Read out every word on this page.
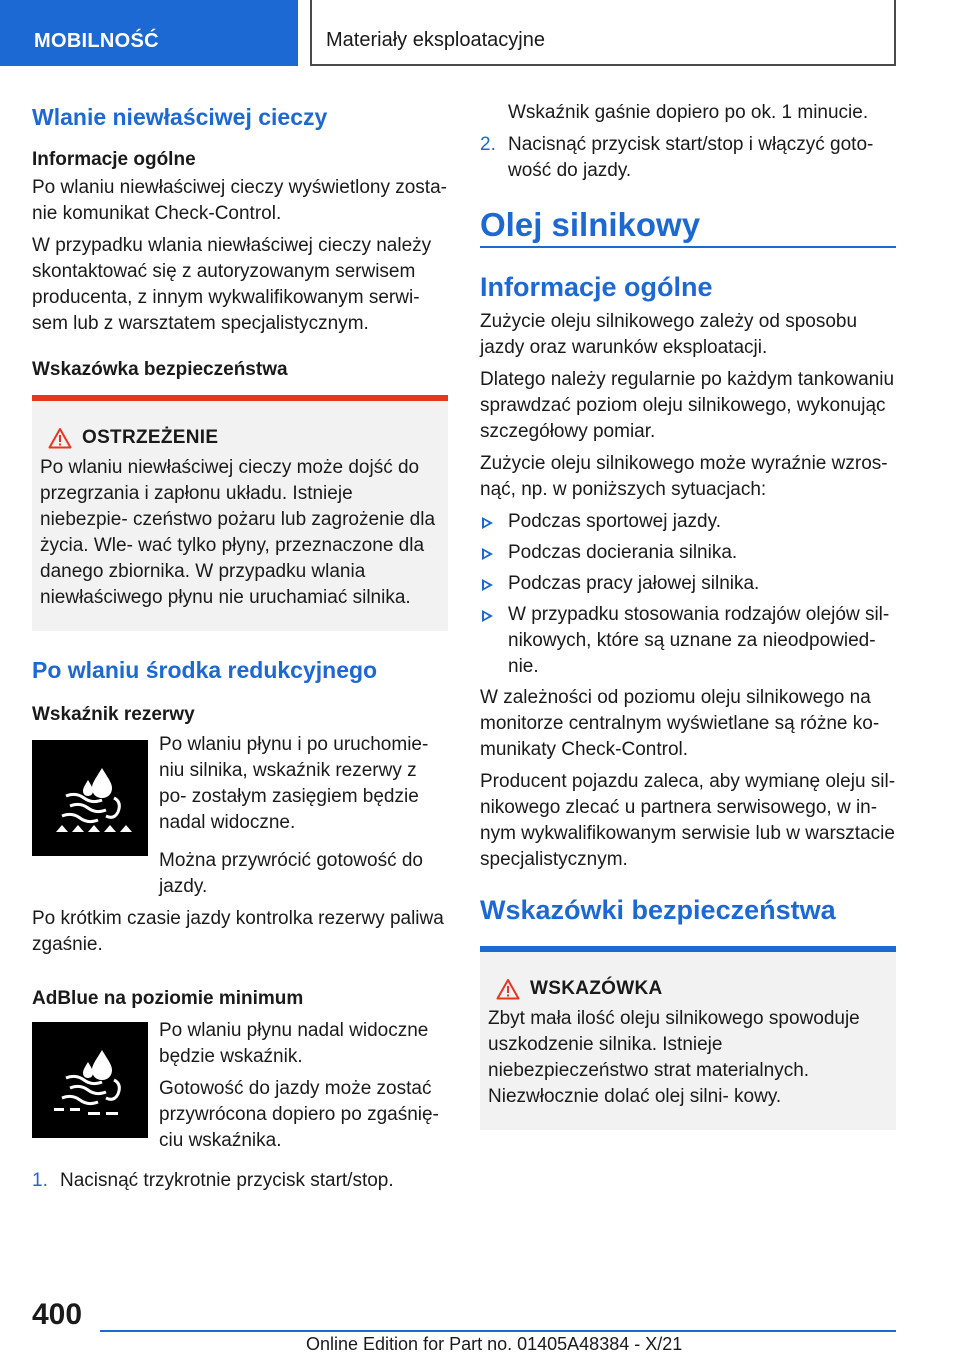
MOBILNOŚĆ	Materiały eksploatacyjne
Wlanie niewłaściwej cieczy
Informacje ogólne

Po wlaniu niewłaściwej cieczy wyświetlony zosta‐ nie komunikat Check-Control.

W przypadku wlania niewłaściwej cieczy należy skontaktować się z autoryzowanym serwisem producenta, z innym wykwalifikowanym serwi‐ sem lub z warsztatem specjalistycznym.

Wskazówka bezpieczeństwa
OSTRZEŻENIE

Po wlaniu niewłaściwej cieczy może dojść do przegrzania i zapłonu układu. Istnieje niebezpie‐ czeństwo pożaru lub zagrożenie dla życia. Wle‐ wać tylko płyny, przeznaczone dla danego zbiornika. W przypadku wlania niewłaściwego płynu nie uruchamiać silnika.

Po wlaniu środka redukcyjnego
Wskaźnik rezerwy

Po wlaniu płynu i po uruchomie‐ niu silnika, wskaźnik rezerwy z po‐ zostałym zasięgiem będzie nadal widoczne.

Można przywrócić gotowość do jazdy.

Po krótkim czasie jazdy kontrolka rezerwy paliwa zgaśnie.

AdBlue na poziomie minimum

Po wlaniu płynu nadal widoczne będzie wskaźnik.

Gotowość do jazdy może zostać przywrócona dopiero po zgaśnię‐ ciu wskaźnika.

1. Nacisnąć trzykrotnie przycisk start/stop.

Wskaźnik gaśnie dopiero po ok. 1 minucie.

2. Nacisnąć przycisk start/stop i włączyć goto‐ wość do jazdy.
Olej silnikowy
Informacje ogólne

Zużycie oleju silnikowego zależy od sposobu jazdy oraz warunków eksploatacji.

Dlatego należy regularnie po każdym tankowaniu sprawdzać poziom oleju silnikowego, wykonując szczegółowy pomiar.

Zużycie oleju silnikowego może wyraźnie wzros‐ nąć, np. w poniższych sytuacjach:

Podczas sportowej jazdy.
Podczas docierania silnika.
Podczas pracy jałowej silnika.
W przypadku stosowania rodzajów olejów sil‐ nikowych, które są uznane za nieodpowied‐ nie.

W zależności od poziomu oleju silnikowego na monitorze centralnym wyświetlane są różne ko‐ munikaty Check-Control.

Producent pojazdu zaleca, aby wymianę oleju sil‐ nikowego zlecać u partnera serwisowego, w in‐ nym wykwalifikowanym serwisie lub w warsztacie specjalistycznym.

Wskazówki bezpieczeństwa
WSKAZÓWKA

Zbyt mała ilość oleju silnikowego spowoduje uszkodzenie silnika. Istnieje niebezpieczeństwo strat materialnych. Niezwłocznie dolać olej silni‐ kowy.

400
Online Edition for Part no. 01405A48384 - X/21
